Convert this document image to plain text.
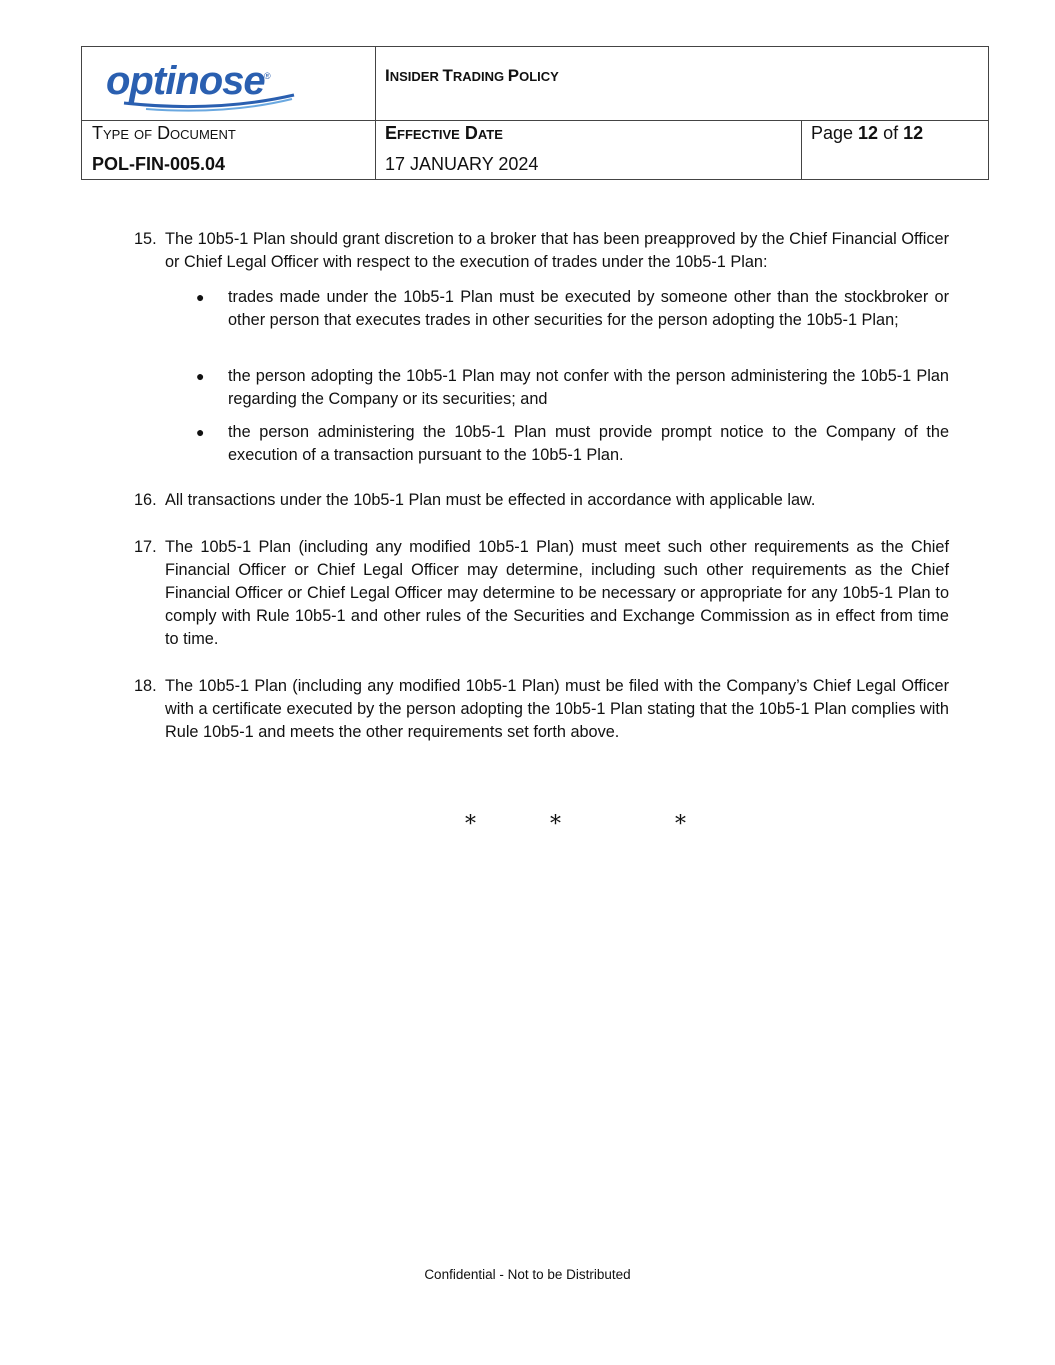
optinose ®	INSIDER TRADING POLICY
Type of Document
POL-FIN-005.04
Effective Date
17 JANUARY 2024
Page 12 of 12
15. The 10b5-1 Plan should grant discretion to a broker that has been preapproved by the Chief Financial Officer or Chief Legal Officer with respect to the execution of trades under the 10b5-1 Plan:
● trades made under the 10b5-1 Plan must be executed by someone other than the stockbroker or other person that executes trades in other securities for the person adopting the 10b5-1 Plan;
● the person adopting the 10b5-1 Plan may not confer with the person administering the 10b5-1 Plan regarding the Company or its securities; and
● the person administering the 10b5-1 Plan must provide prompt notice to the Company of the execution of a transaction pursuant to the 10b5-1 Plan.
16. All transactions under the 10b5-1 Plan must be effected in accordance with applicable law.
17. The 10b5-1 Plan (including any modified 10b5-1 Plan) must meet such other requirements as the Chief Financial Officer or Chief Legal Officer may determine, including such other requirements as the Chief Financial Officer or Chief Legal Officer may determine to be necessary or appropriate for any 10b5-1 Plan to comply with Rule 10b5-1 and other rules of the Securities and Exchange Commission as in effect from time to time.
18. The 10b5-1 Plan (including any modified 10b5-1 Plan) must be filed with the Company’s Chief Legal Officer with a certificate executed by the person adopting the 10b5-1 Plan stating that the 10b5-1 Plan complies with Rule 10b5-1 and meets the other requirements set forth above.
*	*	*
Confidential - Not to be Distributed
